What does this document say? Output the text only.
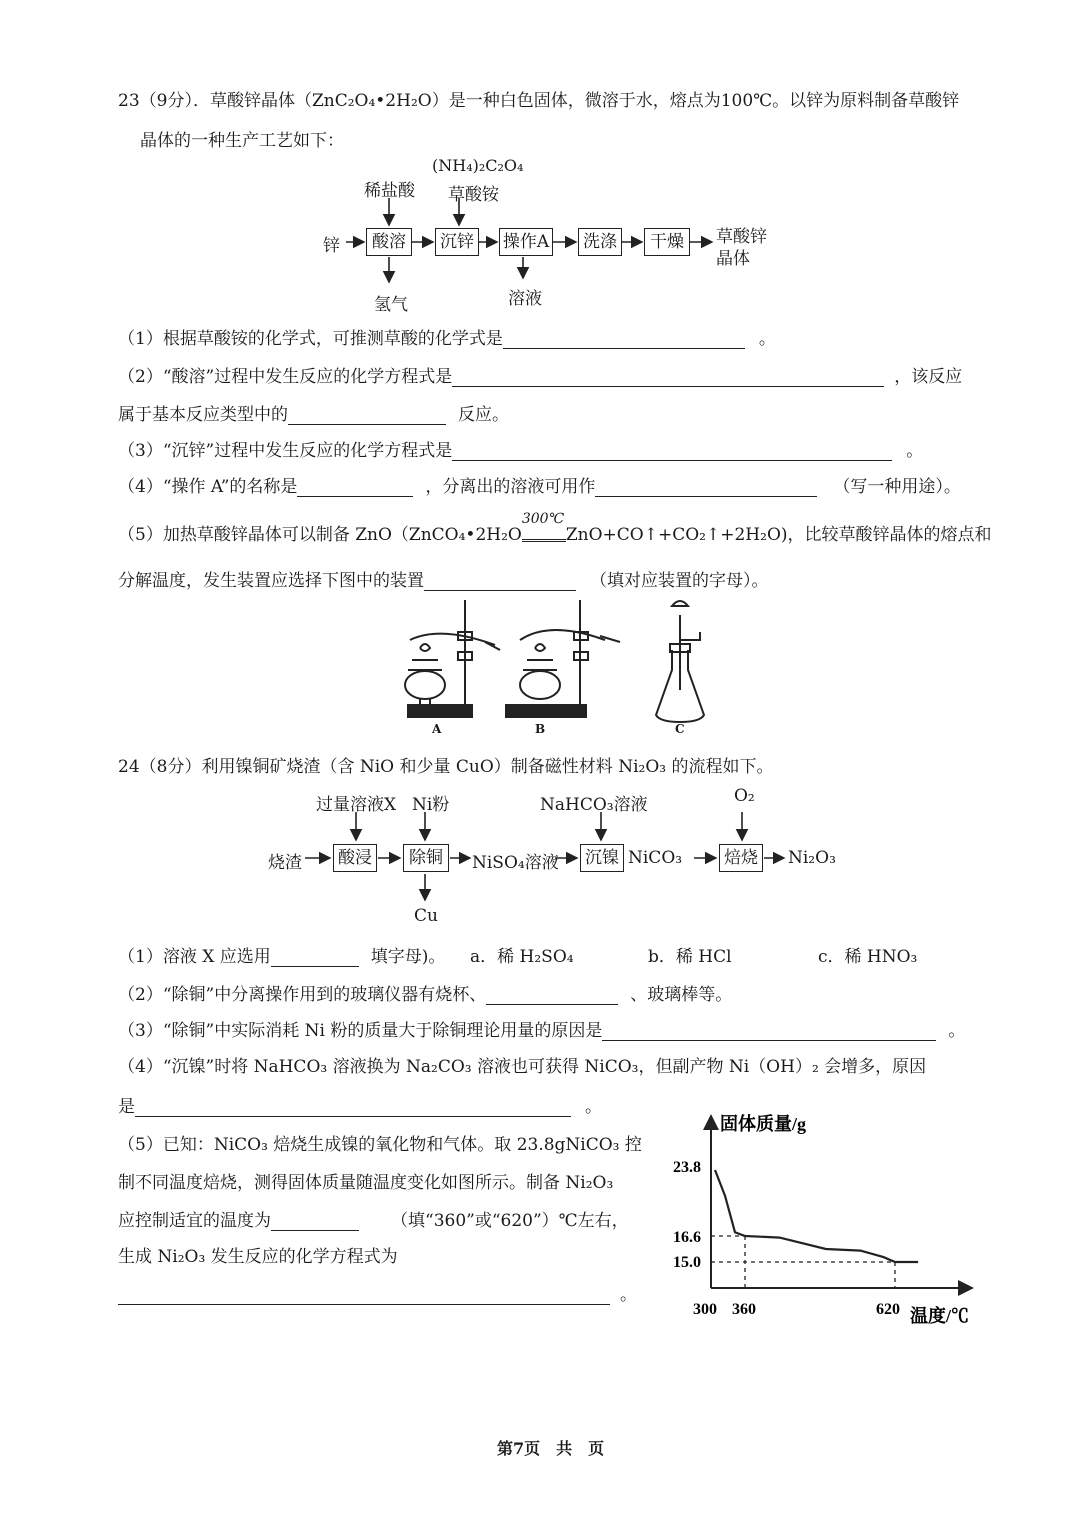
23.8
16.6
15.0
300 360	620
固体质量/g
温度/℃
23（9分）．草酸锌晶体（ZnC₂O₄•2H₂O）是一种白色固体，微溶于水，熔点为100℃。以锌为原料制备草酸锌
晶体的一种生产工艺如下：
(NH₄)₂C₂O₄
稀盐酸 草酸铵
锌	酸溶	沉锌 操作A 洗涤	干燥	草酸锌
晶体
氢气	溶液
（1）根据草酸铵的化学式，可推测草酸的化学式是	。
（2）“酸溶”过程中发生反应的化学方程式是	，该反应
属于基本反应类型中的	反应。
（3）“沉锌”过程中发生反应的化学方程式是	。
（4）“操作 A”的名称是	，分离出的溶液可用作	（写一种用途）。
（5）加热草酸锌晶体可以制备 ZnO（ZnCO₄•2H₂O
300℃
ZnO+CO↑+CO₂↑+2H₂O)，比较草酸锌晶体的熔点和
分解温度，发生装置应选择下图中的装置	（填对应装置的字母）。
A	B	C
24（8分）利用镍铜矿烧渣（含 NiO 和少量 CuO）制备磁性材料 Ni₂O₃ 的流程如下。
过量溶液X Ni粉	NaHCO₃溶液	O₂
烧渣 酸浸	除铜	NiSO₄溶液 沉镍 NiCO₃ 焙烧 Ni₂O₃
Cu
（1）溶液 X 应选用	填字母)。 a．稀 H₂SO₄	b．稀 HCl	c．稀 HNO₃
（2）“除铜”中分离操作用到的玻璃仪器有烧杯、	、玻璃棒等。
（3）“除铜”中实际消耗 Ni 粉的质量大于除铜理论用量的原因是	。
（4）“沉镍”时将 NaHCO₃ 溶液换为 Na₂CO₃ 溶液也可获得 NiCO₃，但副产物 Ni（OH）₂ 会增多，原因
是	。
（5）已知：NiCO₃ 焙烧生成镍的氧化物和气体。取 23.8gNiCO₃ 控
制不同温度焙烧，测得固体质量随温度变化如图所示。制备 Ni₂O₃
应控制适宜的温度为	（填“360”或“620”）℃左右，
生成 Ni₂O₃ 发生反应的化学方程式为
。
第7页　共　页
